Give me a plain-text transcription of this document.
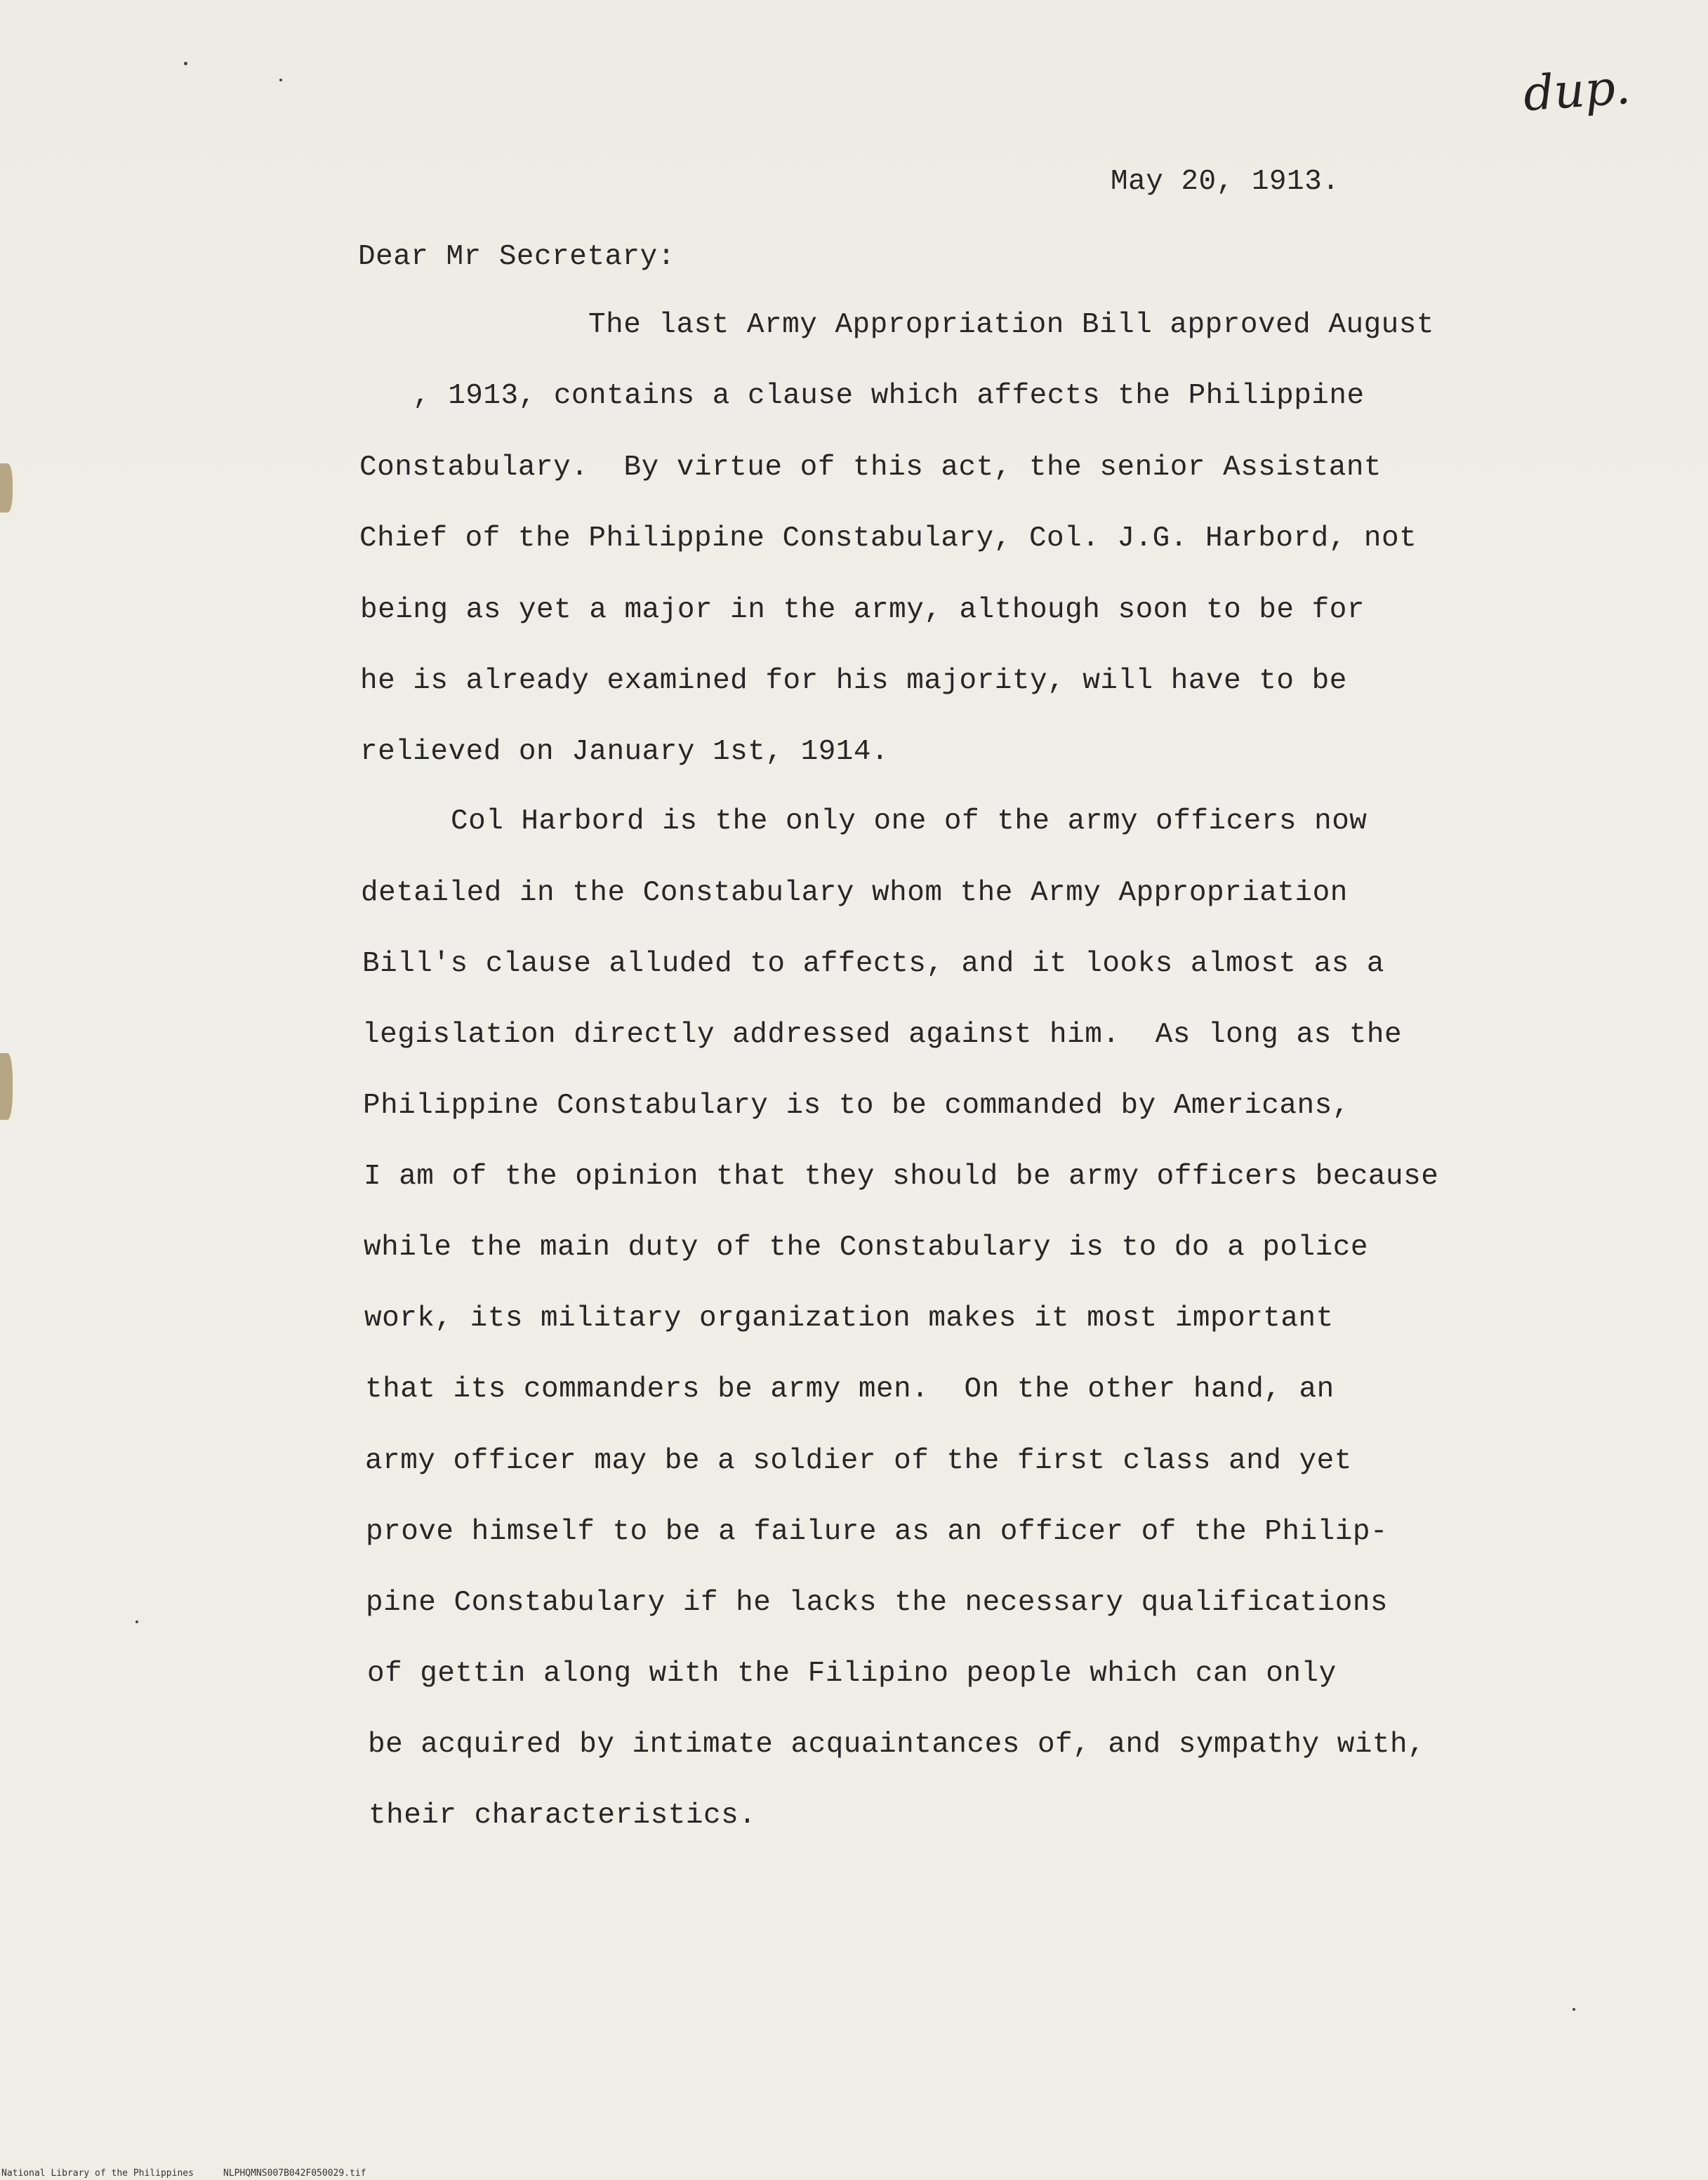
dup.
May 20, 1913.
Dear Mr Secretary:
The last Army Appropriation Bill approved August
, 1913, contains a clause which affects the Philippine
Constabulary.  By virtue of this act, the senior Assistant
Chief of the Philippine Constabulary, Col. J.G. Harbord, not
being as yet a major in the army, although soon to be for
he is already examined for his majority, will have to be
relieved on January 1st, 1914.
Col Harbord is the only one of the army officers now
detailed in the Constabulary whom the Army Appropriation
Bill's clause alluded to affects, and it looks almost as a
legislation directly addressed against him.  As long as the
Philippine Constabulary is to be commanded by Americans,
I am of the opinion that they should be army officers because
while the main duty of the Constabulary is to do a police
work, its military organization makes it most important
that its commanders be army men.  On the other hand, an
army officer may be a soldier of the first class and yet
prove himself to be a failure as an officer of the Philip-
pine Constabulary if he lacks the necessary qualifications
of gettin along with the Filipino people which can only
be acquired by intimate acquaintances of, and sympathy with,
their characteristics.
National Library of the Philippines	NLPHQMNS007B042F050029.tif
